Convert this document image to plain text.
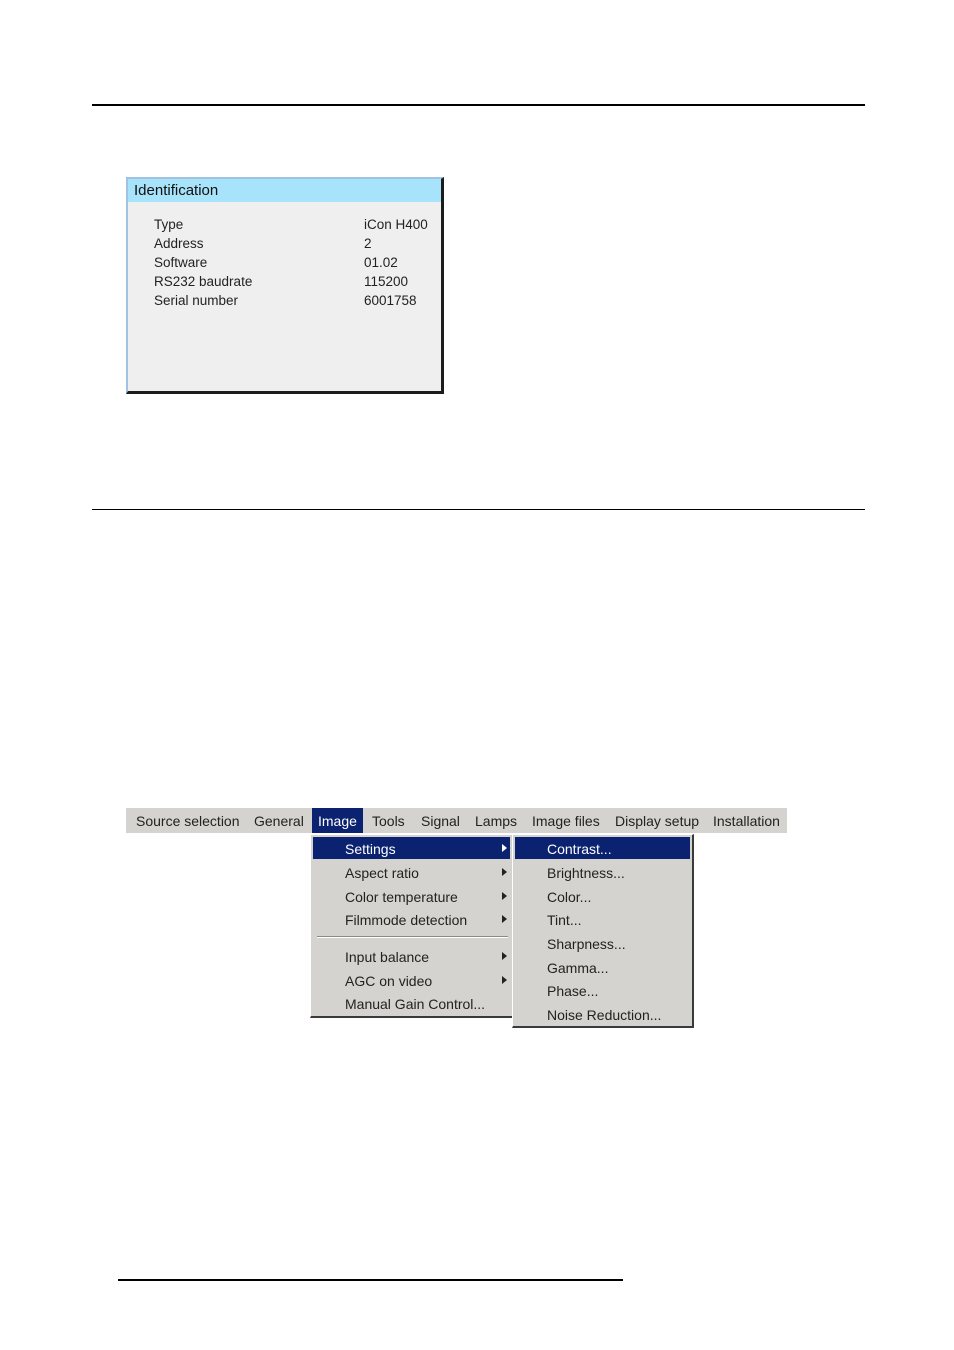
Identification
Type	iCon H400
Address	2
Software	01.02
RS232 baudrate	115200
Serial number	6001758
Source selection	General	Image	Tools	Signal	Lamps	Image files	Display setup Installation
Settings
Aspect ratio
Color temperature
Filmmode detection
Input balance
AGC on video
Manual Gain Control...
Contrast...
Brightness...
Color...
Tint...
Sharpness...
Gamma...
Phase...
Noise Reduction...
